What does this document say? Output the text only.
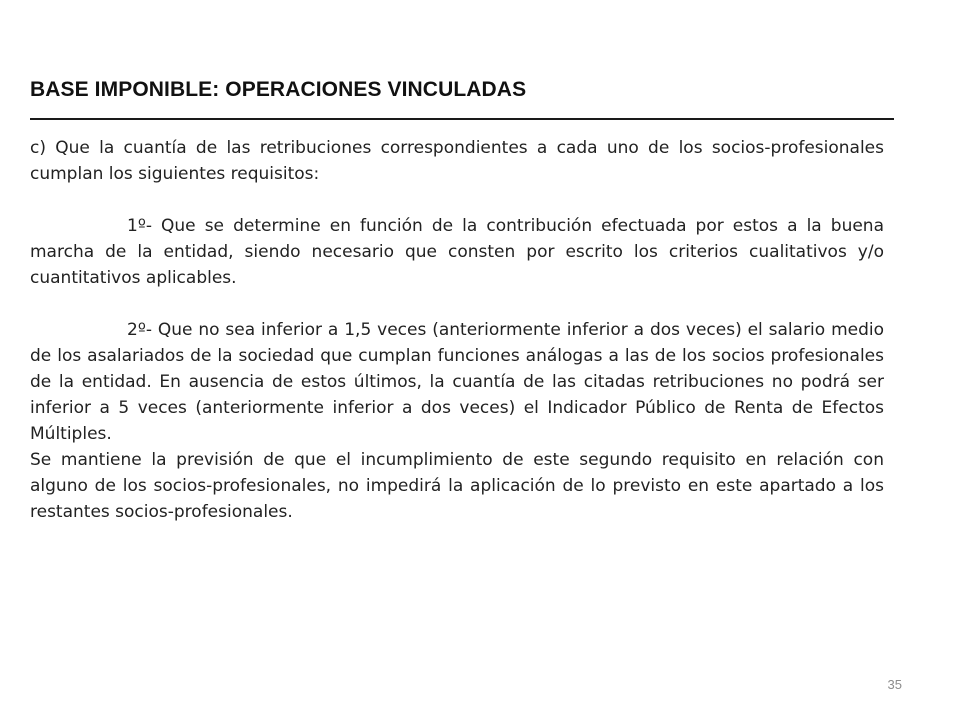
BASE IMPONIBLE: OPERACIONES VINCULADAS

c) Que la cuantía de las retribuciones correspondientes a cada uno de los socios-profesionales cumplan los siguientes requisitos:

1º- Que se determine en función de la contribución efectuada por estos a la buena marcha de la entidad, siendo necesario que consten por escrito los criterios cualitativos y/o cuantitativos aplicables.

2º- Que no sea inferior a 1,5 veces (anteriormente inferior a dos veces) el salario medio de los asalariados de la sociedad que cumplan funciones análogas a las de los socios profesionales de la entidad. En ausencia de estos últimos, la cuantía de las citadas retribuciones no podrá ser inferior a 5 veces (anteriormente inferior a dos veces) el Indicador Público de Renta de Efectos Múltiples.

Se mantiene la previsión de que el incumplimiento de este segundo requisito en relación con alguno de los socios-profesionales, no impedirá la aplicación de lo previsto en este apartado a los restantes socios-profesionales.

35
